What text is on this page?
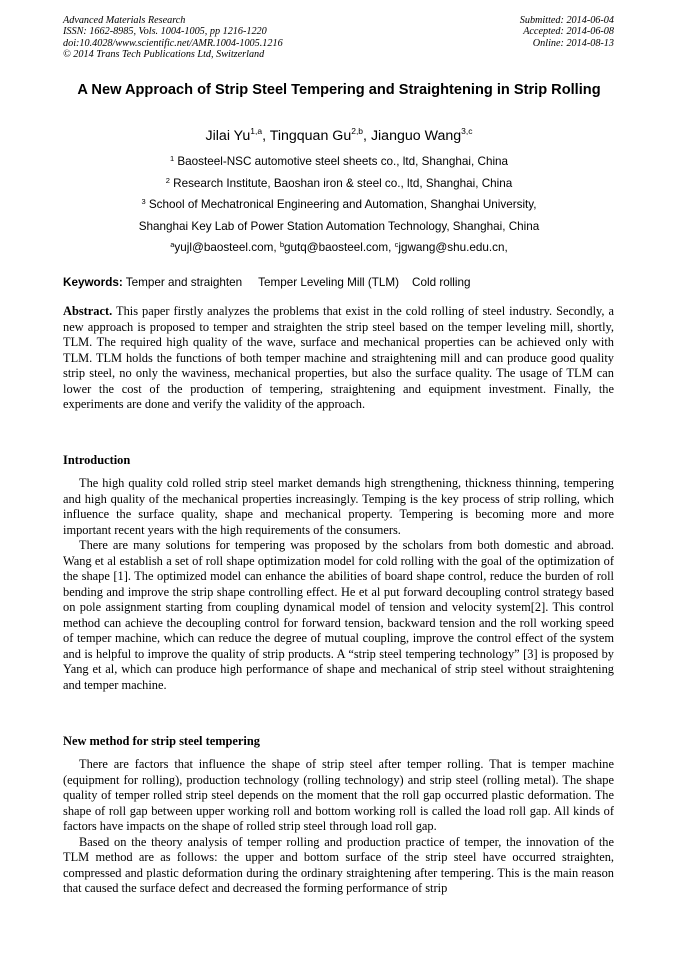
Advanced Materials Research
ISSN: 1662-8985, Vols. 1004-1005, pp 1216-1220
doi:10.4028/www.scientific.net/AMR.1004-1005.1216
© 2014 Trans Tech Publications Ltd, Switzerland
Submitted: 2014-06-04
Accepted: 2014-06-08
Online: 2014-08-13
A New Approach of Strip Steel Tempering and Straightening in Strip Rolling
Jilai Yu$^{1,a}$, Tingquan Gu$^{2,b}$, Jianguo Wang$^{3,c}$
$^1$ Baosteel-NSC automotive steel sheets co., ltd, Shanghai, China
$^2$ Research Institute, Baoshan iron & steel co., ltd, Shanghai, China
$^3$ School of Mechatronical Engineering and Automation, Shanghai University,
Shanghai Key Lab of Power Station Automation Technology, Shanghai, China
$^a$yujl@baosteel.com, $^b$gutq@baosteel.com, $^c$jgwang@shu.edu.cn,
Keywords: Temper and straighten     Temper Leveling Mill (TLM)    Cold rolling

Abstract. This paper firstly analyzes the problems that exist in the cold rolling of steel industry. Secondly, a new approach is proposed to temper and straighten the strip steel based on the temper leveling mill, shortly, TLM. The required high quality of the wave, surface and mechanical properties can be achieved only with TLM. TLM holds the functions of both temper machine and straightening mill and can produce good quality strip steel, no only the waviness, mechanical properties, but also the surface quality. The usage of TLM can lower the cost of the production of tempering, straightening and equipment investment. Finally, the experiments are done and verify the validity of the approach.

Introduction

The high quality cold rolled strip steel market demands high strengthening, thickness thinning, tempering and high quality of the mechanical properties increasingly. Temping is the key process of strip rolling, which influence the surface quality, shape and mechanical property. Tempering is becoming more and more important recent years with the high requirements of the consumers.

There are many solutions for tempering was proposed by the scholars from both domestic and abroad. Wang et al establish a set of roll shape optimization model for cold rolling with the goal of the optimization of the shape [1]. The optimized model can enhance the abilities of board shape control, reduce the burden of roll bending and improve the strip shape controlling effect. He et al put forward decoupling control strategy based on pole assignment starting from coupling dynamical model of tension and velocity system[2]. This control method can achieve the decoupling control for forward tension, backward tension and the roll working speed of temper machine, which can reduce the degree of mutual coupling, improve the control effect of the system and is helpful to improve the quality of strip products. A “strip steel tempering technology” [3] is proposed by Yang et al, which can produce high performance of shape and mechanical of strip steel without straightening and temper machine.

New method for strip steel tempering

There are factors that influence the shape of strip steel after temper rolling. That is temper machine (equipment for rolling), production technology (rolling technology) and strip steel (rolling metal). The shape quality of temper rolled strip steel depends on the moment that the roll gap occurred plastic deformation. The shape of roll gap between upper working roll and bottom working roll is called the load roll gap. All kinds of factors have impacts on the shape of rolled strip steel through load roll gap.

Based on the theory analysis of temper rolling and production practice of temper, the innovation of the TLM method are as follows: the upper and bottom surface of the strip steel have occurred straighten, compressed and plastic deformation during the ordinary straightening after tempering. This is the main reason that caused the surface defect and decreased the forming performance of strip
